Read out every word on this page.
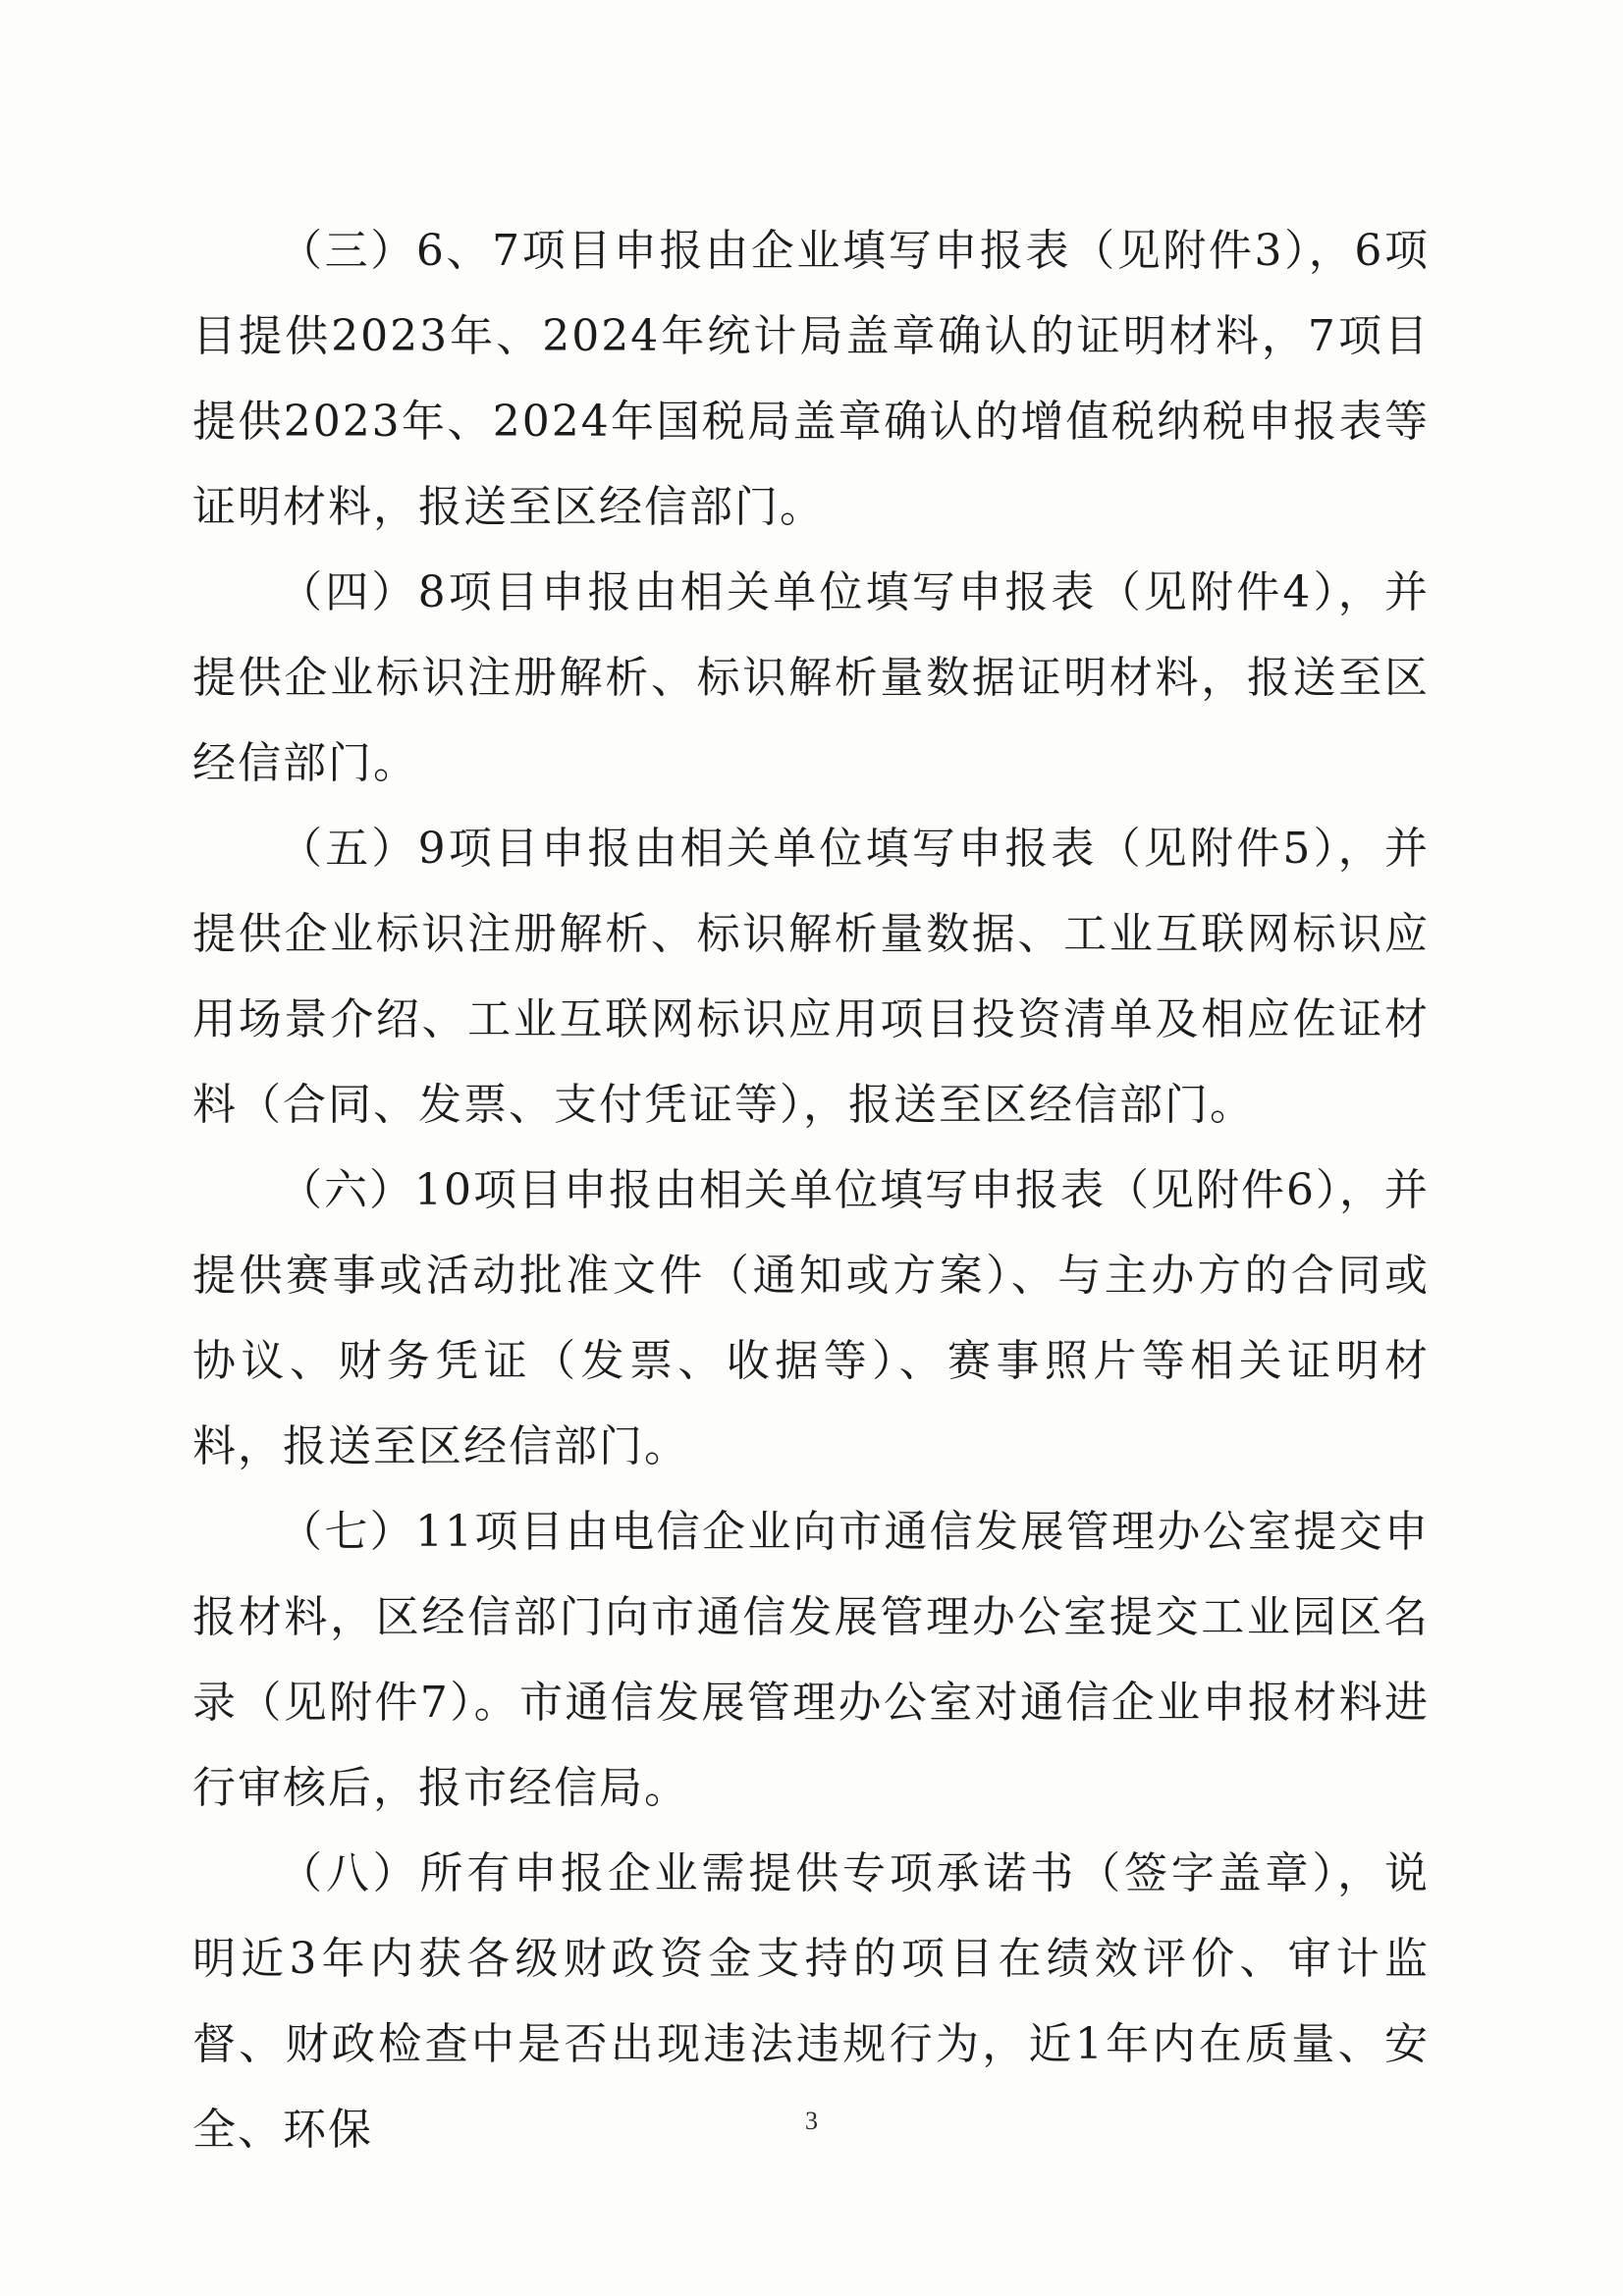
（三）6、7项目申报由企业填写申报表（见附件3），6项目提供2023年、2024年统计局盖章确认的证明材料，7项目提供2023年、2024年国税局盖章确认的增值税纳税申报表等证明材料，报送至区经信部门。

（四）8项目申报由相关单位填写申报表（见附件4），并提供企业标识注册解析、标识解析量数据证明材料，报送至区经信部门。

（五）9项目申报由相关单位填写申报表（见附件5），并提供企业标识注册解析、标识解析量数据、工业互联网标识应用场景介绍、工业互联网标识应用项目投资清单及相应佐证材料（合同、发票、支付凭证等），报送至区经信部门。

（六）10项目申报由相关单位填写申报表（见附件6），并提供赛事或活动批准文件（通知或方案）、与主办方的合同或协议、财务凭证（发票、收据等）、赛事照片等相关证明材料，报送至区经信部门。

（七）11项目由电信企业向市通信发展管理办公室提交申报材料，区经信部门向市通信发展管理办公室提交工业园区名录（见附件7）。市通信发展管理办公室对通信企业申报材料进行审核后，报市经信局。

（八）所有申报企业需提供专项承诺书（签字盖章），说明近3年内获各级财政资金支持的项目在绩效评价、审计监督、财政检查中是否出现违法违规行为，近1年内在质量、安全、环保	3
